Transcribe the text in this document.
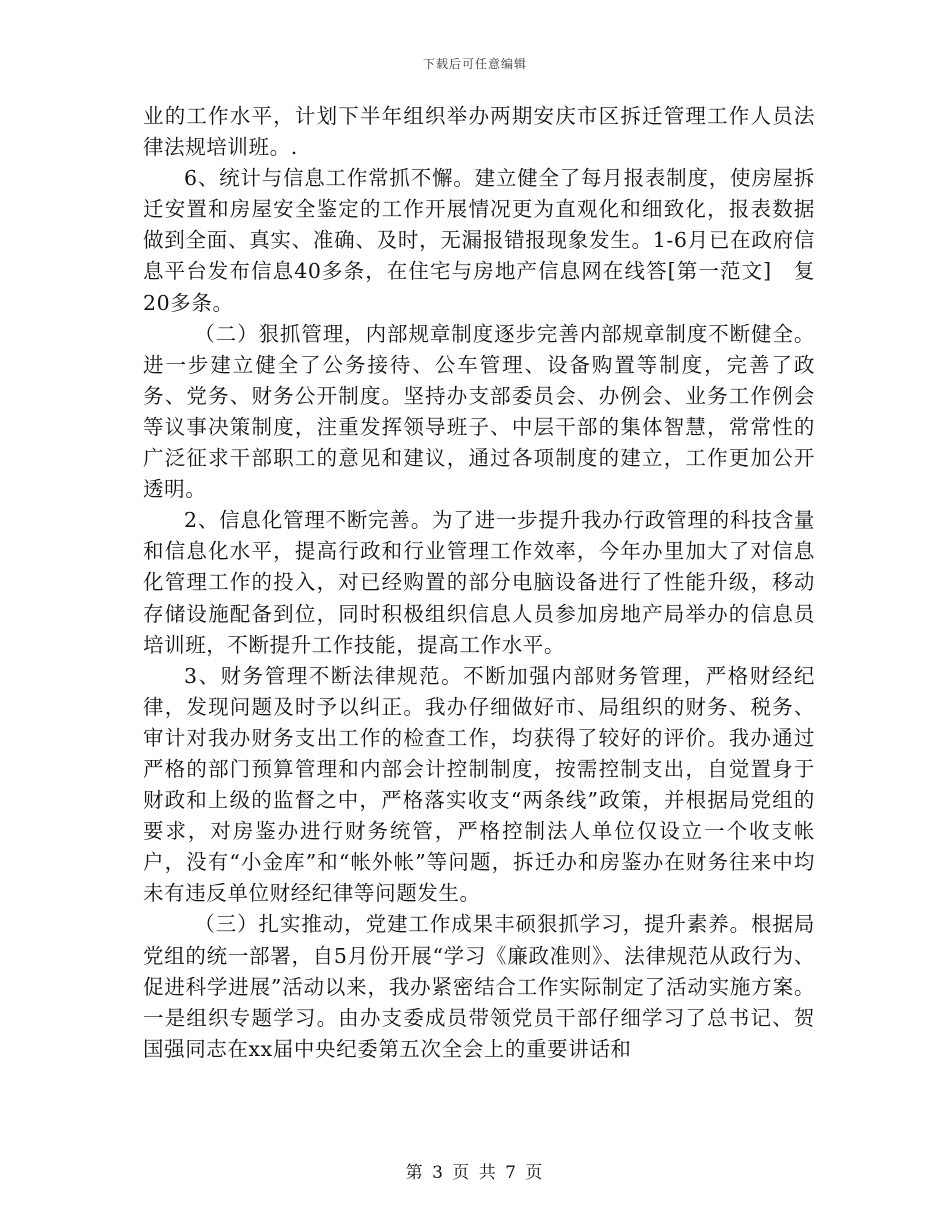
下载后可任意编辑

业的工作水平，计划下半年组织举办两期安庆市区拆迁管理工作人员法律法规培训班。.

6、统计与信息工作常抓不懈。建立健全了每月报表制度，使房屋拆迁安置和房屋安全鉴定的工作开展情况更为直观化和细致化，报表数据做到全面、真实、准确、及时，无漏报错报现象发生。1-6月已在政府信息平台发布信息40多条，在住宅与房地产信息网在线答[第一范文]　复20多条。

（二）狠抓管理，内部规章制度逐步完善内部规章制度不断健全。进一步建立健全了公务接待、公车管理、设备购置等制度，完善了政务、党务、财务公开制度。坚持办支部委员会、办例会、业务工作例会等议事决策制度，注重发挥领导班子、中层干部的集体智慧，常常性的广泛征求干部职工的意见和建议，通过各项制度的建立，工作更加公开透明。

2、信息化管理不断完善。为了进一步提升我办行政管理的科技含量和信息化水平，提高行政和行业管理工作效率，今年办里加大了对信息化管理工作的投入，对已经购置的部分电脑设备进行了性能升级，移动存储设施配备到位，同时积极组织信息人员参加房地产局举办的信息员培训班，不断提升工作技能，提高工作水平。

3、财务管理不断法律规范。不断加强内部财务管理，严格财经纪律，发现问题及时予以纠正。我办仔细做好市、局组织的财务、税务、审计对我办财务支出工作的检查工作，均获得了较好的评价。我办通过严格的部门预算管理和内部会计控制制度，按需控制支出，自觉置身于财政和上级的监督之中，严格落实收支“两条线”政策，并根据局党组的要求，对房鉴办进行财务统管，严格控制法人单位仅设立一个收支帐户，没有“小金库”和“帐外帐”等问题，拆迁办和房鉴办在财务往来中均未有违反单位财经纪律等问题发生。

（三）扎实推动，党建工作成果丰硕狠抓学习，提升素养。根据局党组的统一部署，自5月份开展“学习《廉政准则》、法律规范从政行为、促进科学进展”活动以来，我办紧密结合工作实际制定了活动实施方案。一是组织专题学习。由办支委成员带领党员干部仔细学习了总书记、贺国强同志在xx届中央纪委第五次全会上的重要讲话和

第 3 页 共 7 页
